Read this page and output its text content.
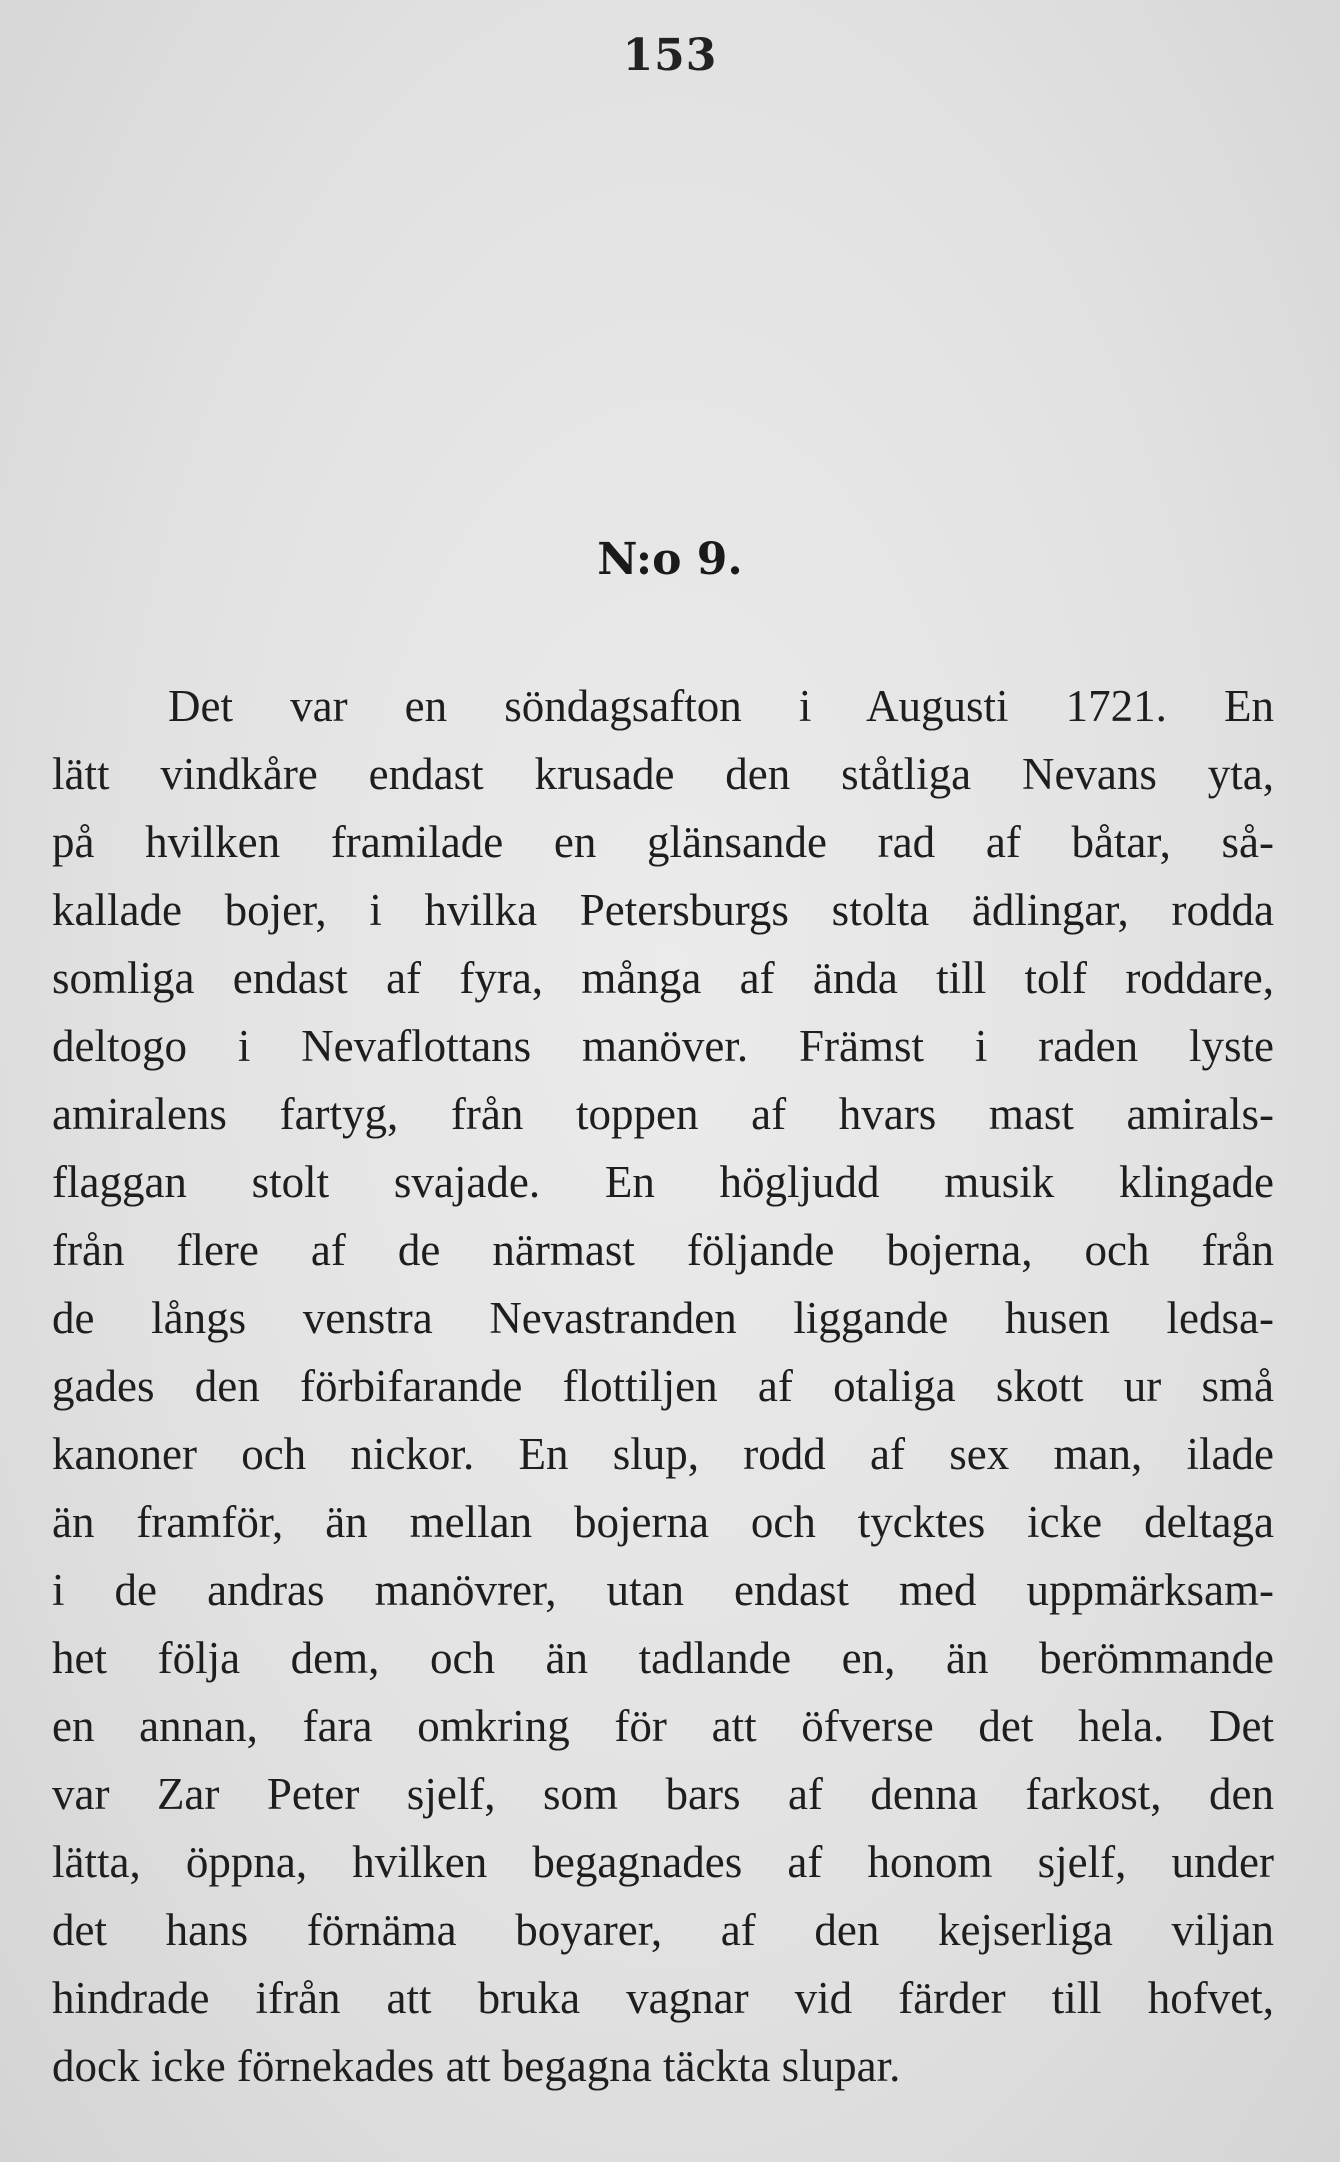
153

N:o 9.
Det var en söndagsafton i Augusti 1721. En
lätt vindkåre endast krusade den ståtliga Nevans yta,
på hvilken framilade en glänsande rad af båtar, så-
kallade bojer, i hvilka Petersburgs stolta ädlingar, rodda
somliga endast af fyra, många af ända till tolf roddare,
deltogo i Nevaflottans manöver. Främst i raden lyste
amiralens fartyg, från toppen af hvars mast amirals-
flaggan stolt svajade. En högljudd musik klingade
från flere af de närmast följande bojerna, och från
de långs venstra Nevastranden liggande husen ledsa-
gades den förbifarande flottiljen af otaliga skott ur små
kanoner och nickor. En slup, rodd af sex man, ilade
än framför, än mellan bojerna och tycktes icke deltaga
i de andras manövrer, utan endast med uppmärksam-
het följa dem, och än tadlande en, än berömmande
en annan, fara omkring för att öfverse det hela. Det
var Zar Peter sjelf, som bars af denna farkost, den
lätta, öppna, hvilken begagnades af honom sjelf, under
det hans förnäma boyarer, af den kejserliga viljan
hindrade ifrån att bruka vagnar vid färder till hofvet,
dock icke förnekades att begagna täckta slupar.
